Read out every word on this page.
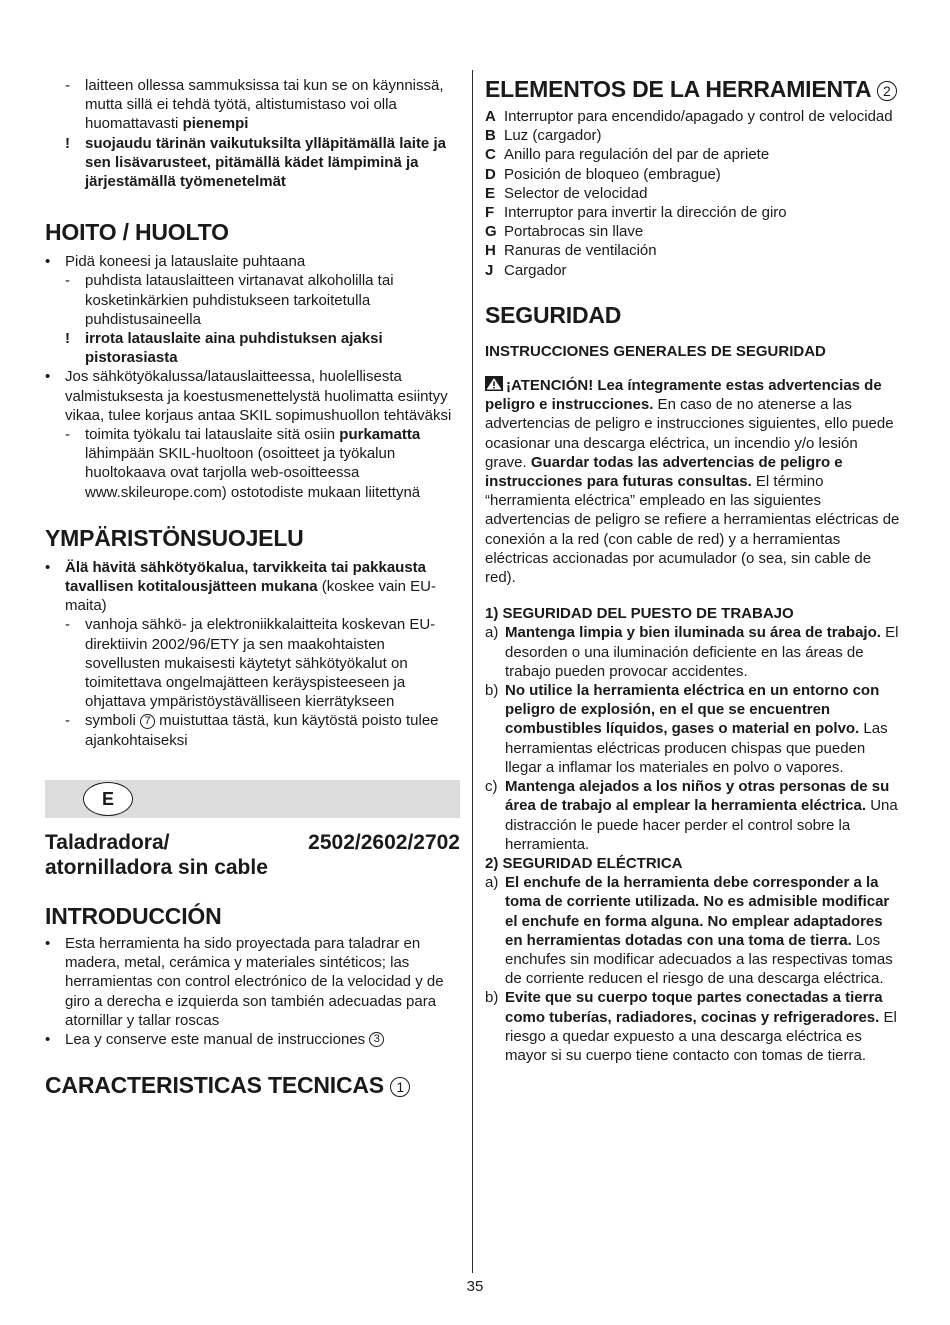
-	laitteen ollessa sammuksissa tai kun se on käynnissä, mutta sillä ei tehdä työtä, altistumistaso voi olla huomattavasti pienempi

!	suojaudu tärinän vaikutuksilta ylläpitämällä laite ja sen lisävarusteet, pitämällä kädet lämpiminä ja järjestämällä työmenetelmät

HOITO / HUOLTO
• Pidä koneesi ja latauslaite puhtaana

-	puhdista latauslaitteen virtanavat alkoholilla tai kosketinkärkien puhdistukseen tarkoitetulla puhdistusaineella

!	irrota latauslaite aina puhdistuksen ajaksi pistorasiasta

• Jos sähkötyökalussa/latauslaitteessa, huolellisesta valmistuksesta ja koestusmenettelystä huolimatta esiintyy vikaa, tulee korjaus antaa SKIL sopimushuollon tehtäväksi

-	toimita työkalu tai latauslaite sitä osiin purkamatta lähimpään SKIL-huoltoon (osoitteet ja työkalun huoltokaava ovat tarjolla web-osoitteessa www.skileurope.com) ostotodiste mukaan liitettynä

YMPÄRISTÖNSUOJELU
• Älä hävitä sähkötyökalua, tarvikkeita tai pakkausta tavallisen kotitalousjätteen mukana (koskee vain EU-maita)

-	vanhoja sähkö- ja elektroniikkalaitteita koskevan EU-direktiivin 2002/96/ETY ja sen maakohtaisten sovellusten mukaisesti käytetyt sähkötyökalut on toimitettava ongelmajätteen keräyspisteeseen ja ohjattava ympäristöystävälliseen kierrätykseen

-	symboli 7 muistuttaa tästä, kun käytöstä poisto tulee ajankohtaiseksi

E
Taladradora/	2502/2602/2702
atornilladora sin cable
INTRODUCCIÓN
• Esta herramienta ha sido proyectada para taladrar en madera, metal, cerámica y materiales sintéticos; las herramientas con control electrónico de la velocidad y de giro a derecha e izquierda son también adecuadas para atornillar y tallar roscas

• Lea y conserve este manual de instrucciones 3

CARACTERISTICAS TECNICAS 1
ELEMENTOS DE LA HERRAMIENTA 2
A Interruptor para encendido/apagado y control de velocidad
B Luz (cargador)
C Anillo para regulación del par de apriete
D Posición de bloqueo (embrague)
E Selector de velocidad
F Interruptor para invertir la dirección de giro
G Portabrocas sin llave
H Ranuras de ventilación
J Cargador
SEGURIDAD
INSTRUCCIONES GENERALES DE SEGURIDAD

¡ATENCIÓN! Lea íntegramente estas advertencias de peligro e instrucciones. En caso de no atenerse a las advertencias de peligro e instrucciones siguientes, ello puede ocasionar una descarga eléctrica, un incendio y/o lesión grave. Guardar todas las advertencias de peligro e instrucciones para futuras consultas. El término “herramienta eléctrica” empleado en las siguientes advertencias de peligro se refiere a herramientas eléctricas de conexión a la red (con cable de red) y a herramientas eléctricas accionadas por acumulador (o sea, sin cable de red).

1) SEGURIDAD DEL PUESTO DE TRABAJO
a) Mantenga limpia y bien iluminada su área de trabajo. El desorden o una iluminación deficiente en las áreas de trabajo pueden provocar accidentes.

b) No utilice la herramienta eléctrica en un entorno con peligro de explosión, en el que se encuentren combustibles líquidos, gases o material en polvo. Las herramientas eléctricas producen chispas que pueden llegar a inflamar los materiales en polvo o vapores.

c) Mantenga alejados a los niños y otras personas de su área de trabajo al emplear la herramienta eléctrica. Una distracción le puede hacer perder el control sobre la herramienta.

2) SEGURIDAD ELÉCTRICA
a) El enchufe de la herramienta debe corresponder a la toma de corriente utilizada. No es admisible modificar el enchufe en forma alguna. No emplear adaptadores en herramientas dotadas con una toma de tierra. Los enchufes sin modificar adecuados a las respectivas tomas de corriente reducen el riesgo de una descarga eléctrica.

b) Evite que su cuerpo toque partes conectadas a tierra como tuberías, radiadores, cocinas y refrigeradores. El riesgo a quedar expuesto a una descarga eléctrica es mayor si su cuerpo tiene contacto con tomas de tierra.

35
